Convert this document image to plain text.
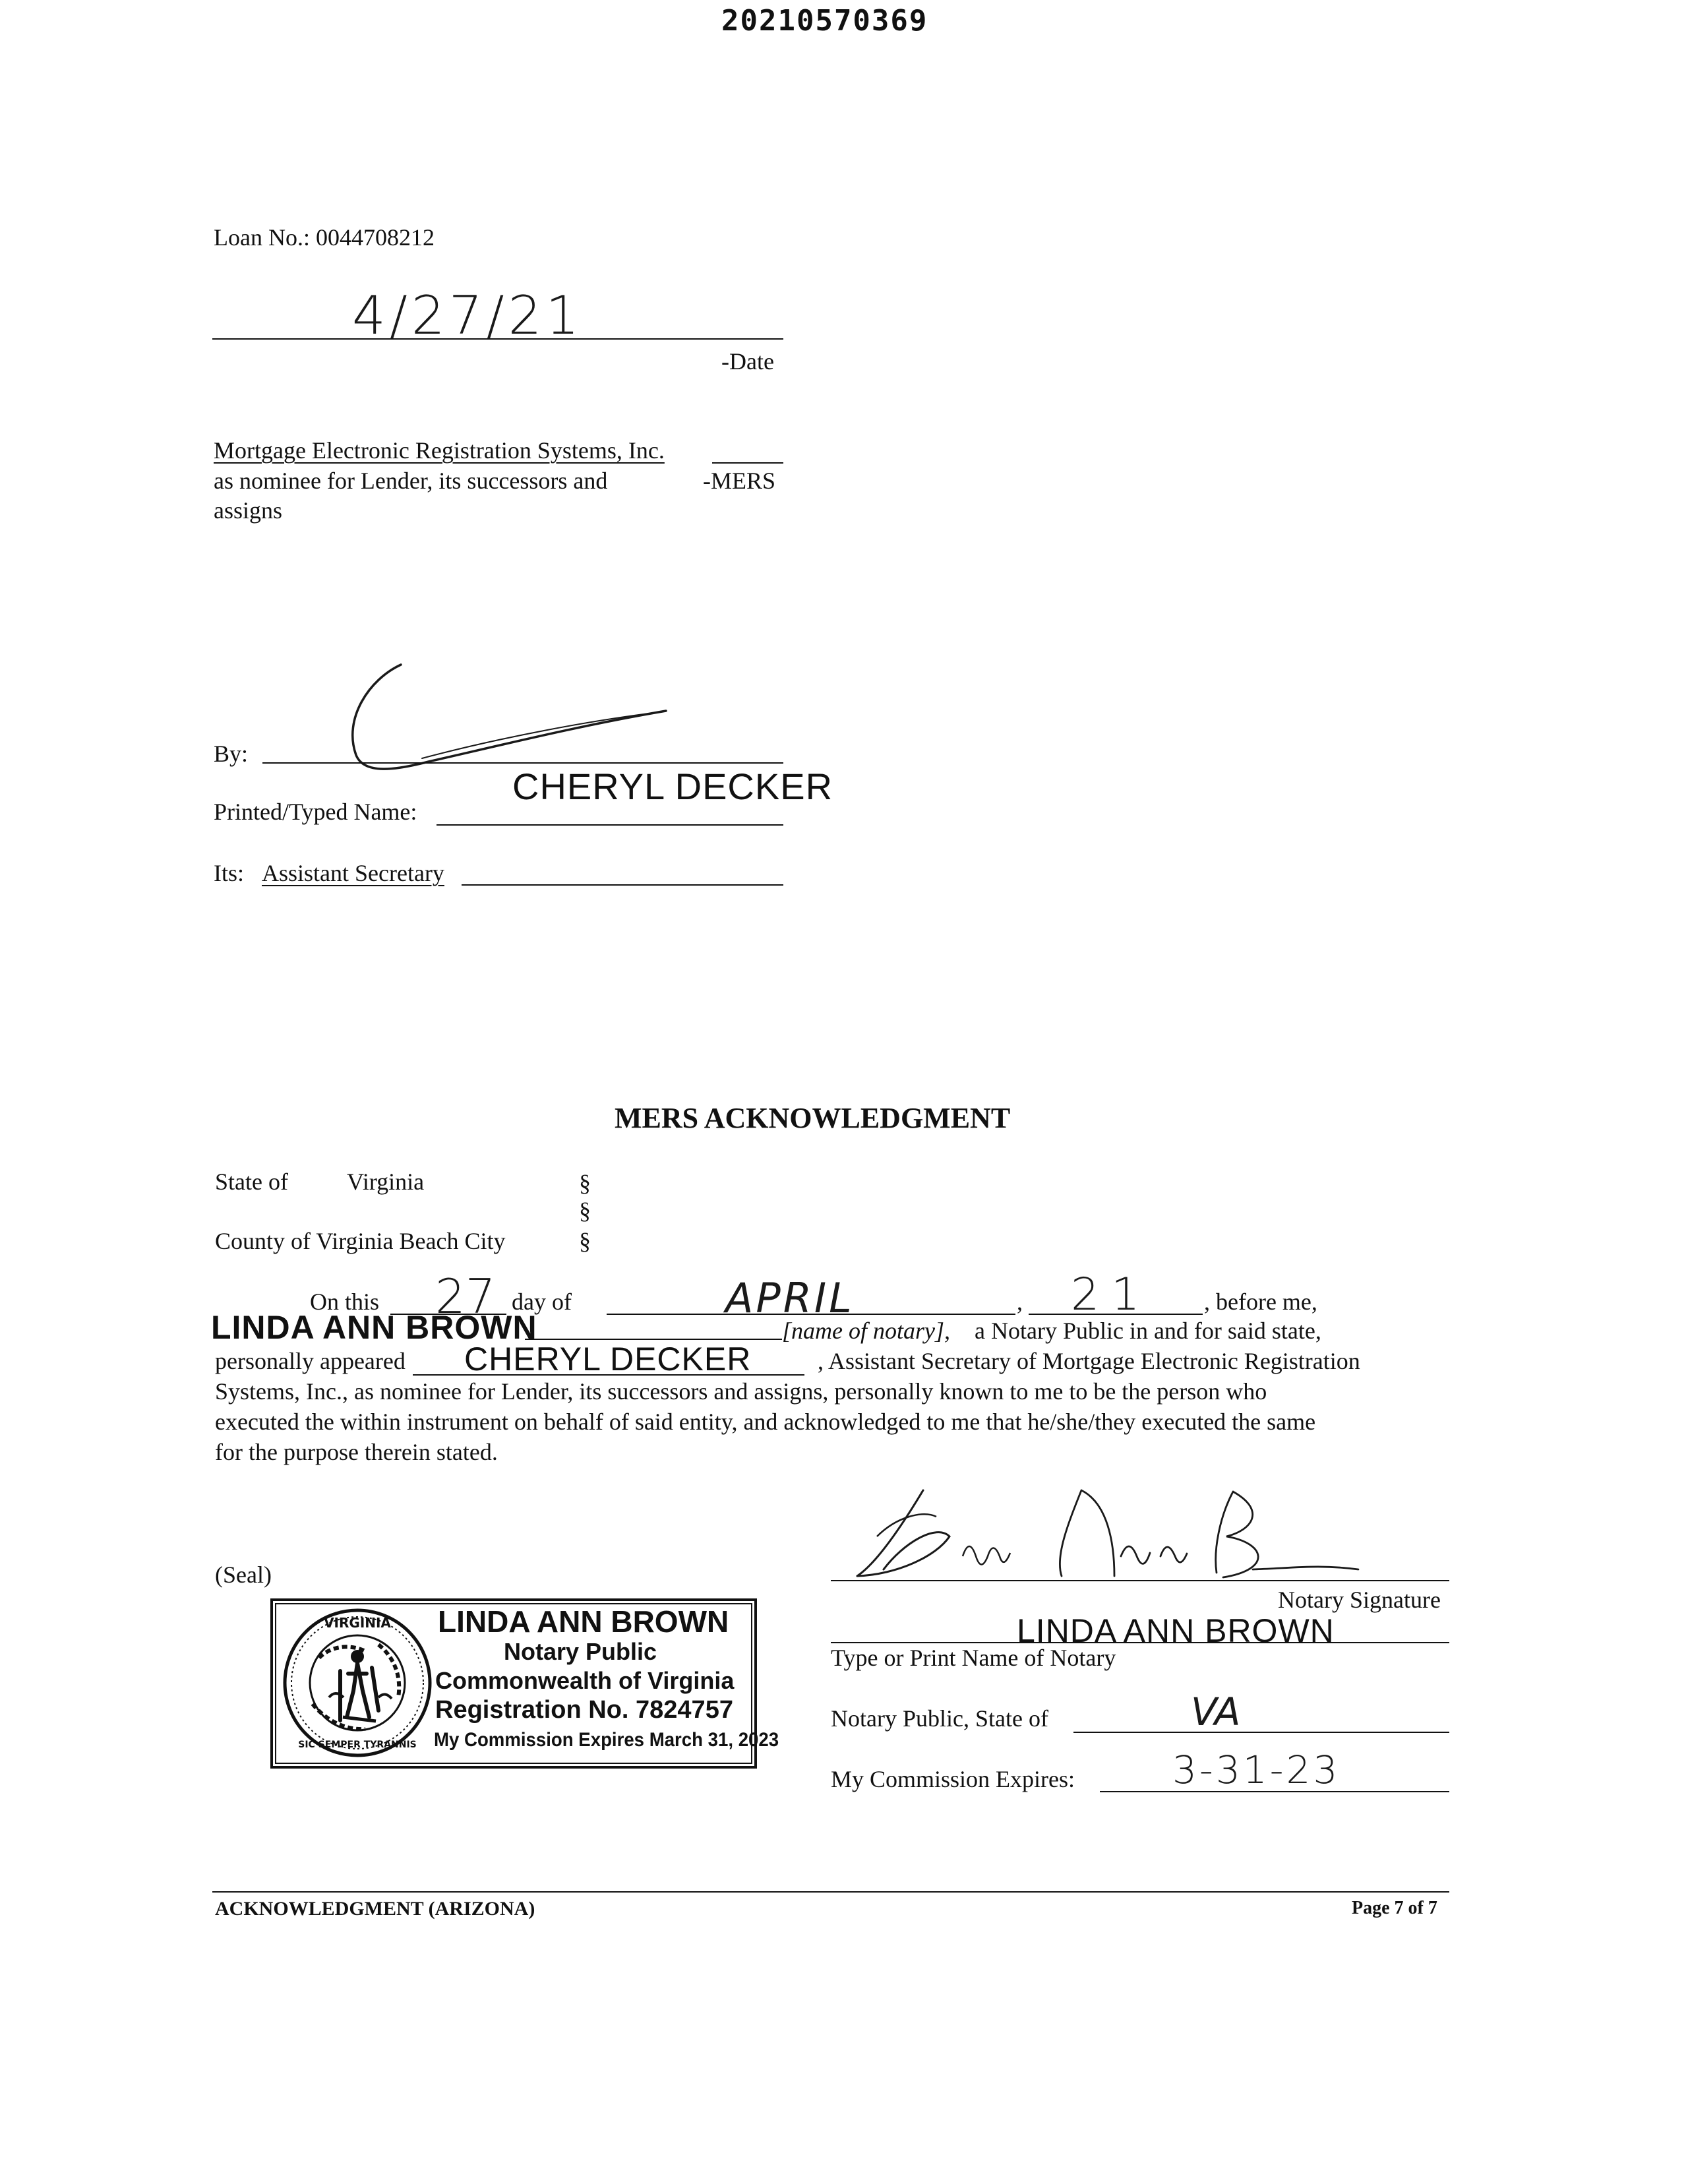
20210570369
Loan No.: 0044708212
4/27/21
-Date
Mortgage Electronic Registration Systems, Inc.
as nominee for Lender, its successors and	-MERS
assigns
By:
CHERYL DECKER
Printed/Typed Name:
Its: Assistant Secretary
MERS ACKNOWLEDGMENT
State of Virginia	§
§
County of Virginia Beach City	§
On this 27 day of	APRIL	, 21 , before me,
LINDA ANN BROWN	[name of notary], a Notary Public in and for said state,
personally appeared CHERYL DECKER	, Assistant Secretary of Mortgage Electronic Registration
Systems, Inc., as nominee for Lender, its successors and assigns, personally known to me to be the person who
executed the within instrument on behalf of said entity, and acknowledged to me that he/she/they executed the same
for the purpose therein stated.
Notary Signature
LINDA ANN BROWN
Type or Print Name of Notary
Notary Public, State of	VA
My Commission Expires:	3-31-23
(Seal)
VIRGINIA
SIC SEMPER TYRANNIS
LINDA ANN BROWN
Notary Public
Commonwealth of Virginia
Registration No. 7824757
My Commission Expires March 31, 2023
ACKNOWLEDGMENT (ARIZONA)	Page 7 of 7
